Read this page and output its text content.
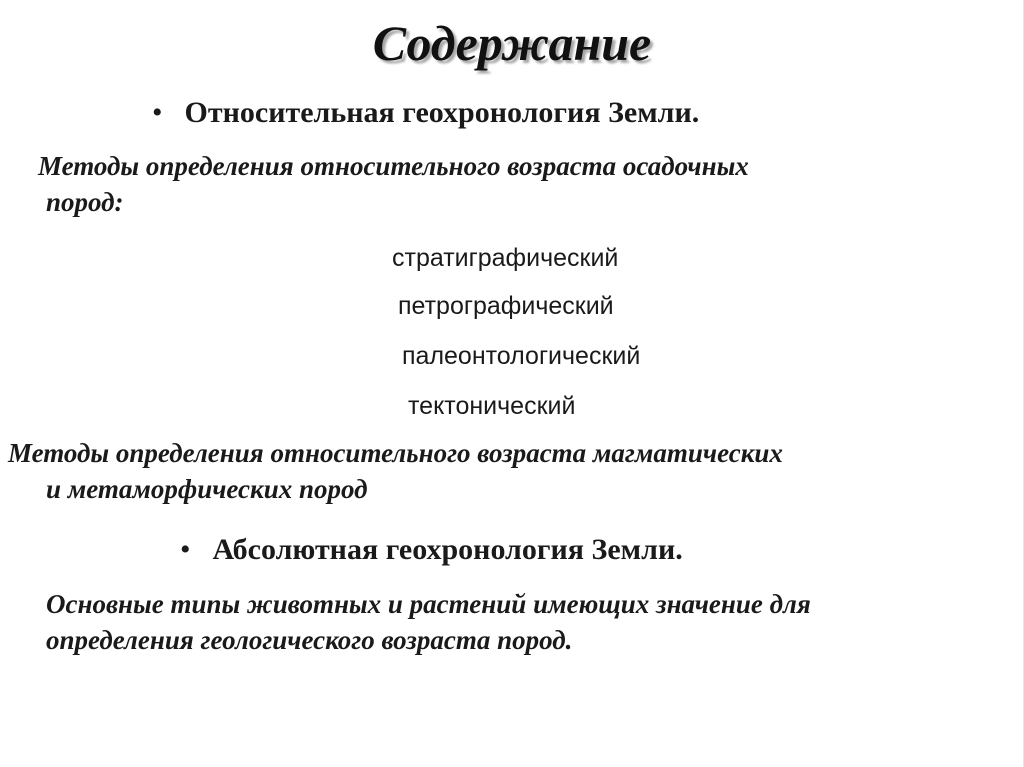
Содержание
• Относительная геохронология Земли.
Методы определения относительного возраста осадочных
пород:
стратиграфический
петрографический
палеонтологический
тектонический
Методы определения относительного возраста магматических
и метаморфических пород
• Абсолютная геохронология Земли.
Основные типы животных и растений имеющих значение для
определения геологического возраста пород.
